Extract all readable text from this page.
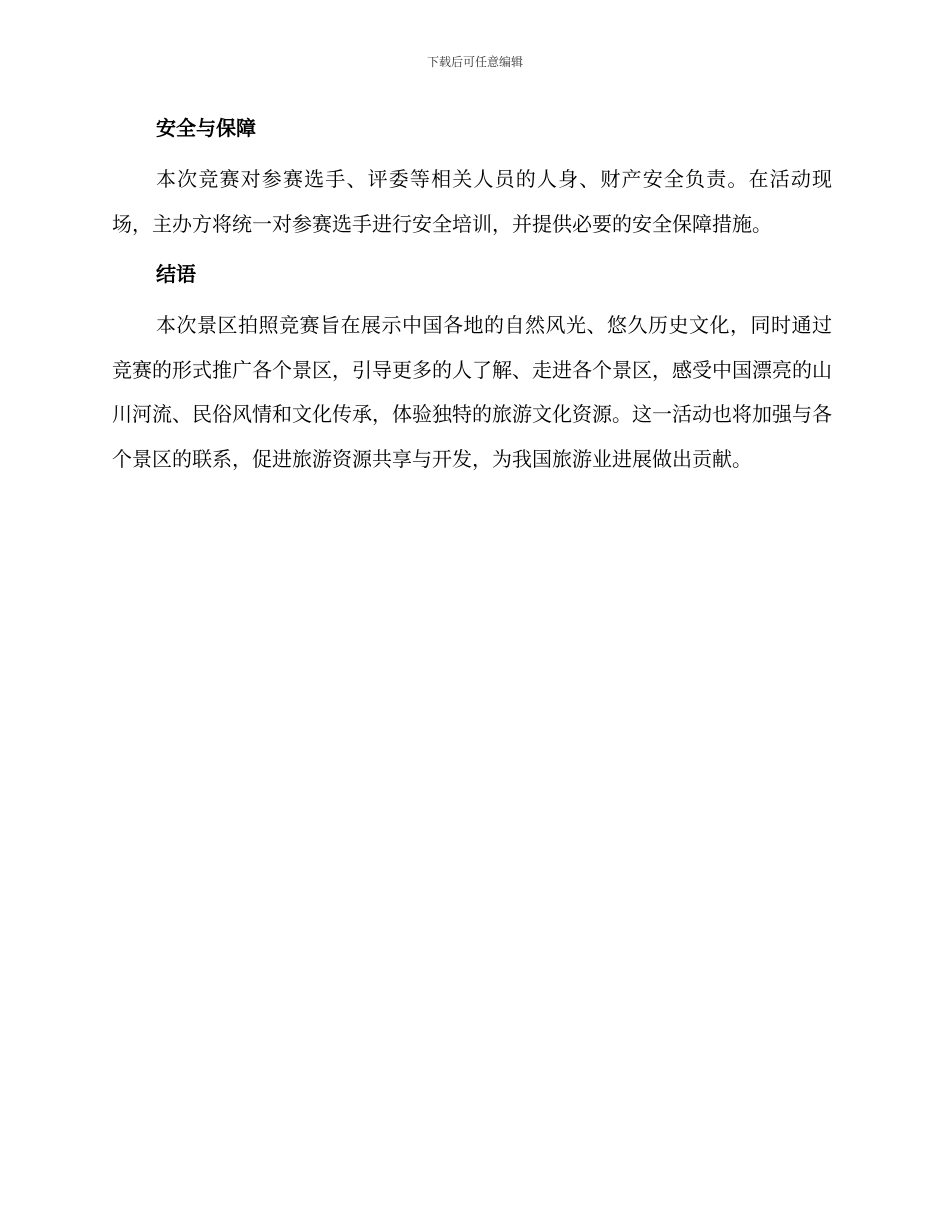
下载后可任意编辑
安全与保障

本次竞赛对参赛选手、评委等相关人员的人身、财产安全负责。在活动现场，主办方将统一对参赛选手进行安全培训，并提供必要的安全保障措施。

结语

本次景区拍照竞赛旨在展示中国各地的自然风光、悠久历史文化，同时通过竞赛的形式推广各个景区，引导更多的人了解、走进各个景区，感受中国漂亮的山川河流、民俗风情和文化传承，体验独特的旅游文化资源。这一活动也将加强与各个景区的联系，促进旅游资源共享与开发，为我国旅游业进展做出贡献。
